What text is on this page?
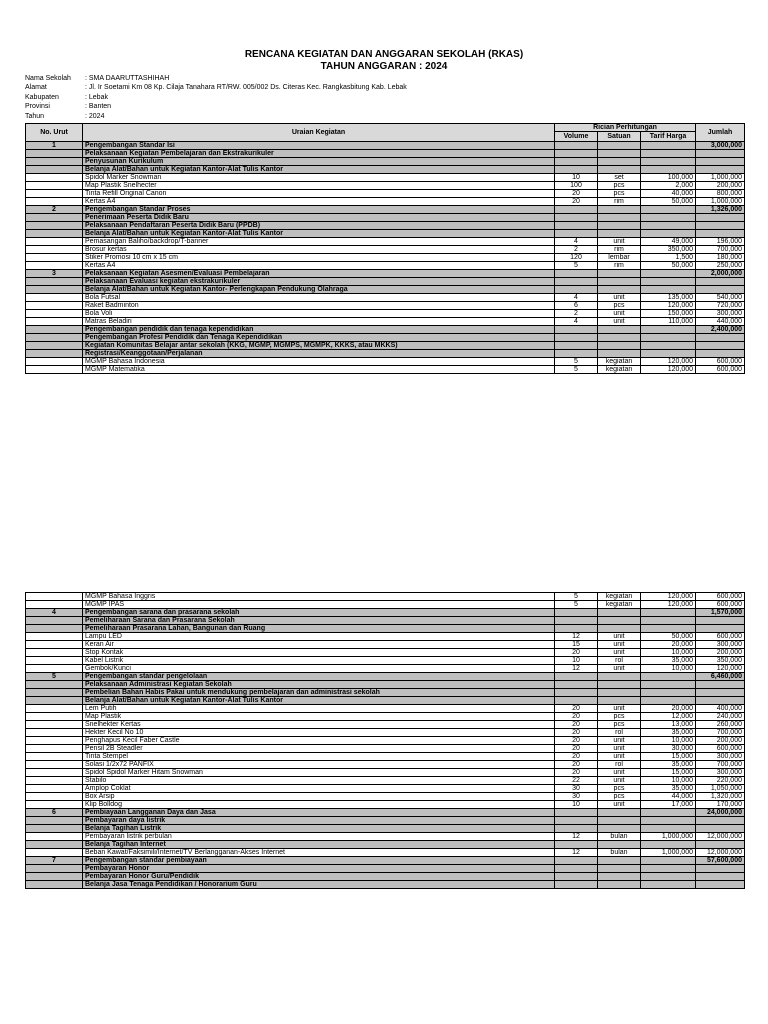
RENCANA KEGIATAN DAN ANGGARAN SEKOLAH (RKAS)
TAHUN ANGGARAN : 2024
Nama Sekolah	: SMA DAARUTTASHIHAH
Alamat	: Jl. Ir Soetami Km 08 Kp. Cilaja Tanahara RT/RW. 005/002 Ds. Citeras Kec. Rangkasbitung Kab. Lebak
Kabupaten	: Lebak
Provinsi	: Banten
Tahun	: 2024
No. Urut	Uraian Kegiatan	Rician Perhitungan			Jumlah
		Volume	Satuan	Tarif Harga	
1	Pengembangan Standar Isi				3,000,000
	Pelaksanaan Kegiatan Pembelajaran dan Ekstrakurikuler				
	Penyusunan Kurikulum				
	Belanja Alat/Bahan untuk Kegiatan Kantor-Alat Tulis Kantor				
	Spidol Marker Snowman	10	set	100,000	1,000,000
	Map Plastik Snelhecter	100	pcs	2,000	200,000
	Tinta Refill Original Canon	20	pcs	40,000	800,000
	Kertas A4	20	rim	50,000	1,000,000
2	Pengembangan Standar Proses				1,326,000
	Penerimaan Peserta Didik Baru				
	Pelaksanaan Pendaftaran Peserta Didik Baru (PPDB)				
	Belanja Alat/Bahan untuk Kegiatan Kantor-Alat Tulis Kantor				
	Pemasangan Baliho/backdrop/T-banner	4	unit	49,000	196,000
	Brosur kertas	2	rim	350,000	700,000
	Stiker Promosi 10 cm x 15 cm	120	lembar	1,500	180,000
	Kertas A4	5	rim	50,000	250,000
3	Pelaksanaan Kegiatan Asesmen/Evaluasi Pembelajaran				2,000,000
	Pelaksanaan Evaluasi kegiatan ekstrakurikuler				
	Belanja Alat/Bahan untuk Kegiatan Kantor- Perlengkapan Pendukung Olahraga				
	Bola Futsal	4	unit	135,000	540,000
	Raket Badminton	6	pcs	120,000	720,000
	Bola Voli	2	unit	150,000	300,000
	Matras Beladiri	4	unit	110,000	440,000
	Pengembangan pendidik dan tenaga kependidikan				2,400,000
	Pengembangan Profesi Pendidik dan Tenaga Kependidikan				
	Kegiatan Komunitas Belajar antar sekolah (KKG, MGMP, MGMPS, MGMPK, KKKS, atau MKKS)				
	Registrasi/Keanggotaan/Perjalanan				
	MGMP Bahasa Indonesia	5	kegiatan	120,000	600,000
	MGMP Matematika	5	kegiatan	120,000	600,000
	MGMP Bahasa Inggris	5	kegiatan	120,000	600,000
	MGMP IPAS	5	kegiatan	120,000	600,000
4	Pengembangan sarana dan prasarana sekolah				1,570,000
	Pemeliharaan Sarana dan Prasarana Sekolah				
	Pemeliharaan Prasarana Lahan, Bangunan dan Ruang				
	Lampu LED	12	unit	50,000	600,000
	Keran Air	15	unit	20,000	300,000
	Stop Kontak	20	unit	10,000	200,000
	Kabel Listrik	10	rol	35,000	350,000
	Gembok/Kunci	12	unit	10,000	120,000
5	Pengembangan standar pengelolaan				6,460,000
	Pelaksanaan Administrasi Kegiatan Sekolah				
	Pembelian Bahan Habis Pakai untuk mendukung pembelajaran dan administrasi sekolah				
	Belanja Alat/Bahan untuk Kegiatan Kantor-Alat Tulis Kantor				
	Lem Putih	20	unit	20,000	400,000
	Map Plastik	20	pcs	12,000	240,000
	Snelhekter Kertas	20	pcs	13,000	260,000
	Hekter Kecil No 10	20	rol	35,000	700,000
	Penghapus Kecil Faber Castle	20	unit	10,000	200,000
	Pensil 2B Steadler	20	unit	30,000	600,000
	Tinta Stempel	20	unit	15,000	300,000
	Solasi 1/2x72 PANFIX	20	rol	35,000	700,000
	Spidol Spidol Marker Hitam Snowman	20	unit	15,000	300,000
	Stabilo	22	unit	10,000	220,000
	Amplop Coklat	30	pcs	35,000	1,050,000
	Box Arsip	30	pcs	44,000	1,320,000
	Klip Bolldog	10	unit	17,000	170,000
6	Pembiayaan Langganan Daya dan Jasa				24,000,000
	Pembayaran daya listrik				
	Belanja Tagihan Listrik				
	Pembayaran listrik perbulan	12	bulan	1,000,000	12,000,000
	Belanja Tagihan Internet				
	Beban Kawat/Faksimili/Internet/TV Berlangganan-Akses Internet	12	bulan	1,000,000	12,000,000
7	Pengembangan standar pembiayaan				57,600,000
	Pembayaran Honor				
	Pembayaran Honor Guru/Pendidik				
	Belanja Jasa Tenaga Pendidikan / Honorarium Guru				
